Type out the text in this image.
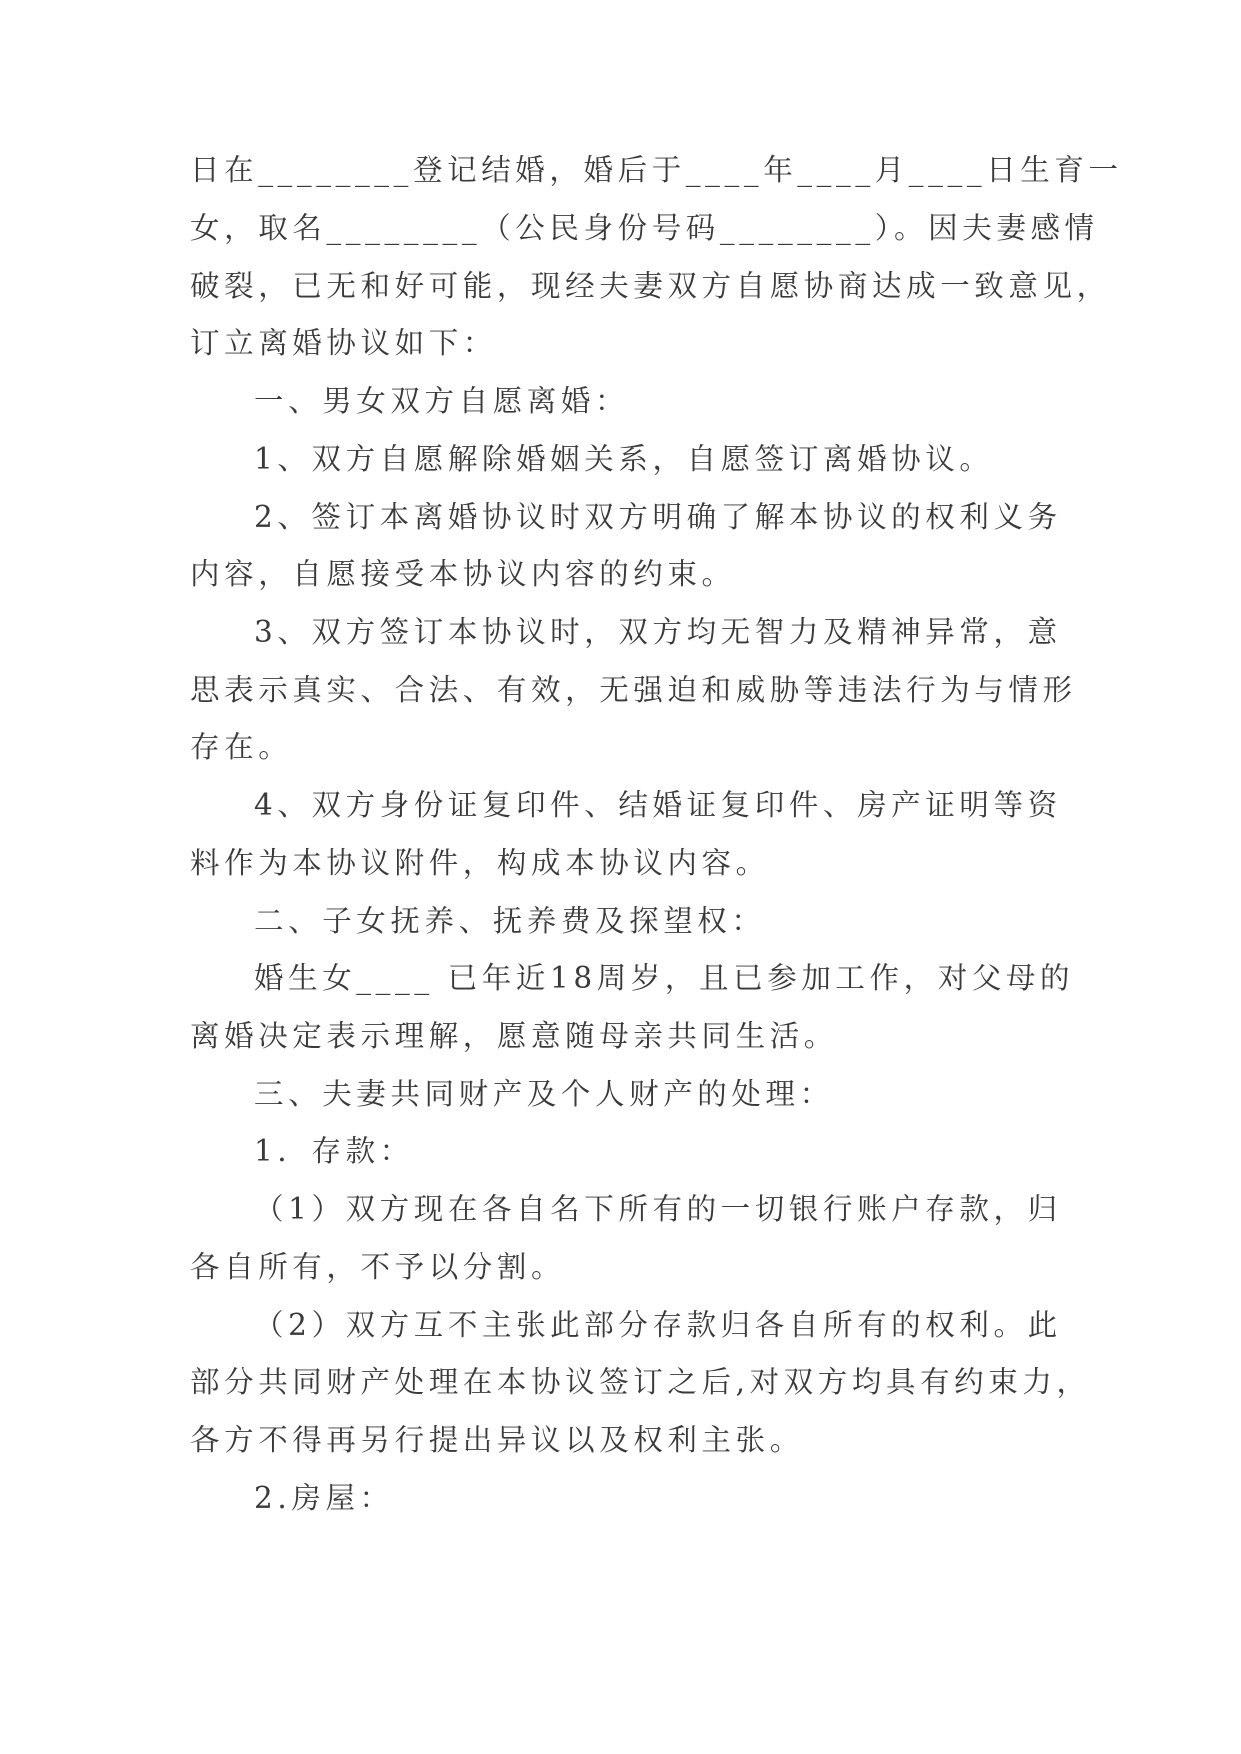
日在________登记结婚，婚后于____年____月____日生育一

女，取名________（公民身份号码________）。因夫妻感情

破裂，已无和好可能，现经夫妻双方自愿协商达成一致意见，

订立离婚协议如下：

一、男女双方自愿离婚：

1、双方自愿解除婚姻关系，自愿签订离婚协议。

2、签订本离婚协议时双方明确了解本协议的权利义务

内容，自愿接受本协议内容的约束。

3、双方签订本协议时，双方均无智力及精神异常，意

思表示真实、合法、有效，无强迫和威胁等违法行为与情形

存在。

4、双方身份证复印件、结婚证复印件、房产证明等资

料作为本协议附件，构成本协议内容。

二、子女抚养、抚养费及探望权：

婚生女____ 已年近18周岁，且已参加工作，对父母的

离婚决定表示理解，愿意随母亲共同生活。

三、夫妻共同财产及个人财产的处理：

1．存款：

（1）双方现在各自名下所有的一切银行账户存款，归

各自所有，不予以分割。

（2）双方互不主张此部分存款归各自所有的权利。此

部分共同财产处理在本协议签订之后,对双方均具有约束力，

各方不得再另行提出异议以及权利主张。

2.房屋：
